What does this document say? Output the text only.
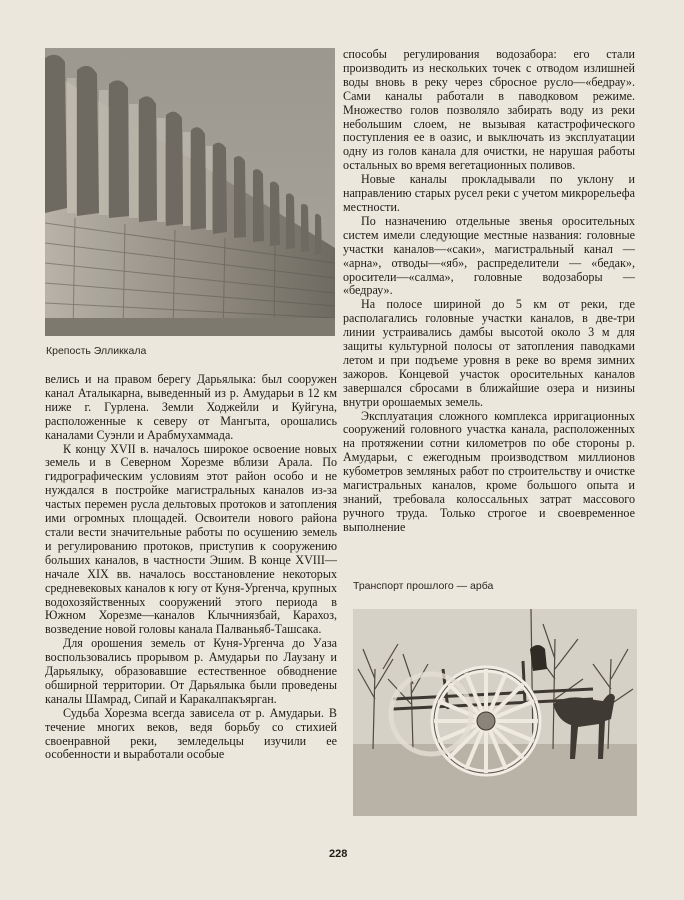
Крепость Элликкала

велись и на правом берегу Дарьялыка: был сооружен канал Аталыкарна, выведенный из р. Амударьи в 12 км ниже г. Гурлена. Земли Ходжейли и Куйгуна, расположенные к северу от Мангыта, орошались каналами Суэнли и Арабмухаммада.

К концу XVII в. началось широкое освоение новых земель и в Северном Хорезме вблизи Арала. По гидрографическим условиям этот район особо и не нуждался в постройке магистральных каналов из-за частых перемен русла дельтовых протоков и затопления ими огромных площадей. Освоители нового района стали вести значительные работы по осушению земель и регулированию протоков, приступив к сооружению больших каналов, в частности Эшим. В конце XVIII—начале XIX вв. началось восстановление некоторых средневековых каналов к югу от Куня-Ургенча, крупных водохозяйственных сооружений этого периода в Южном Хорезме—каналов Клычниязбай, Карахоз, возведение новой головы канала Палваньяб-Ташсака.

Для орошения земель от Куня-Ургенча до Уаза воспользовались прорывом р. Амударьи по Лаузану и Дарьялыку, образовавшие естественное обводнение обширной территории. От Дарьялыка были проведены каналы Шамрад, Сипай и Каракалпакъярган.

Судьба Хорезма всегда зависела от р. Амударьи. В течение многих веков, ведя борьбу со стихией своенравной реки, земледельцы изучили ее особенности и выработали особые

способы регулирования водозабора: его стали производить из нескольких точек с отводом излишней воды вновь в реку через сбросное русло—«бедрау». Сами каналы работали в паводковом режиме. Множество голов позволяло забирать воду из реки небольшим слоем, не вызывая катастрофического поступления ее в оазис, и выключать из эксплуатации одну из голов канала для очистки, не нарушая работы остальных во время вегетационных поливов.

Новые каналы прокладывали по уклону и направлению старых русел реки с учетом микрорельефа местности.

По назначению отдельные звенья оросительных систем имели следующие местные названия: головные участки каналов—«саки», магистральный канал — «арна», отводы—«яб», распределители — «бедак», оросители—«салма», головные водозаборы — «бедрау».

На полосе шириной до 5 км от реки, где располагались головные участки каналов, в две-три линии устраивались дамбы высотой около 3 м для защиты культурной полосы от затопления паводками летом и при подъеме уровня в реке во время зимних зажоров. Концевой участок оросительных каналов завершался сбросами в ближайшие озера и низины внутри орошаемых земель.

Эксплуатация сложного комплекса ирригационных сооружений головного участка канала, расположенных на протяжении сотни километров по обе стороны р. Амударьи, с ежегодным производством миллионов кубометров земляных работ по строительству и очистке магистральных каналов, кроме большого опыта и знаний, требовала колоссальных затрат массового ручного труда. Только строгое и своевременное выполнение

Транспорт прошлого — арба
228
